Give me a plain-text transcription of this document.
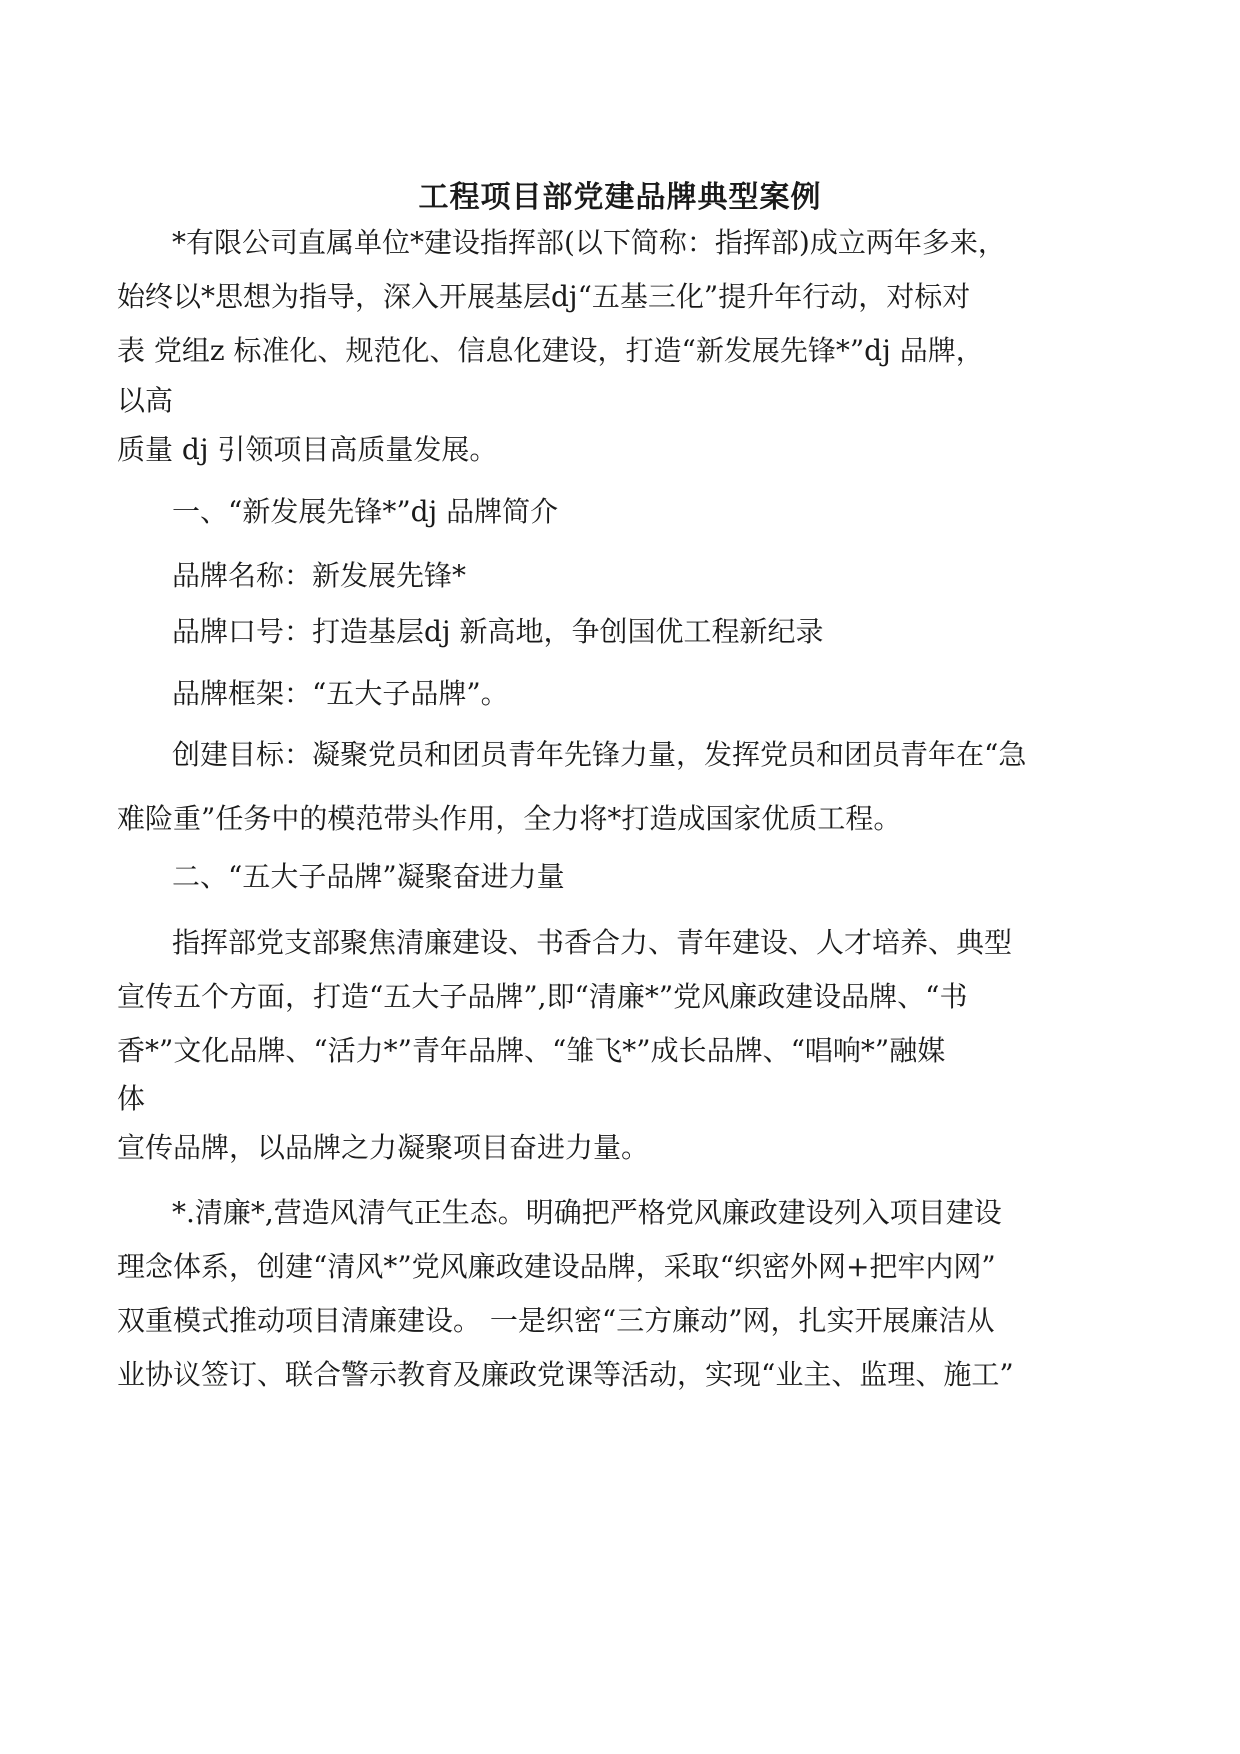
工程项目部党建品牌典型案例
*有限公司直属单位*建设指挥部(以下简称：指挥部)成立两年多来，
始终以*思想为指导，深入开展基层dj“五基三化”提升年行动，对标对
表 党组z 标准化、规范化、信息化建设，打造“新发展先锋*”dj 品牌，
以高
质量 dj 引领项目高质量发展。
一、“新发展先锋*”dj 品牌简介
品牌名称：新发展先锋*
品牌口号：打造基层dj 新高地，争创国优工程新纪录
品牌框架：“五大子品牌”。
创建目标：凝聚党员和团员青年先锋力量，发挥党员和团员青年在“急
难险重”任务中的模范带头作用，全力将*打造成国家优质工程。
二、“五大子品牌”凝聚奋进力量
指挥部党支部聚焦清廉建设、书香合力、青年建设、人才培养、典型
宣传五个方面，打造“五大子品牌”,即“清廉*”党风廉政建设品牌、“书
香*”文化品牌、“活力*”青年品牌、“雏飞*”成长品牌、“唱响*”融媒
体
宣传品牌，以品牌之力凝聚项目奋进力量。
*.清廉*,营造风清气正生态。明确把严格党风廉政建设列入项目建设
理念体系，创建“清风*”党风廉政建设品牌，采取“织密外网+把牢内网”
双重模式推动项目清廉建设。 一是织密“三方廉动”网，扎实开展廉洁从
业协议签订、联合警示教育及廉政党课等活动，实现“业主、监理、施工”
